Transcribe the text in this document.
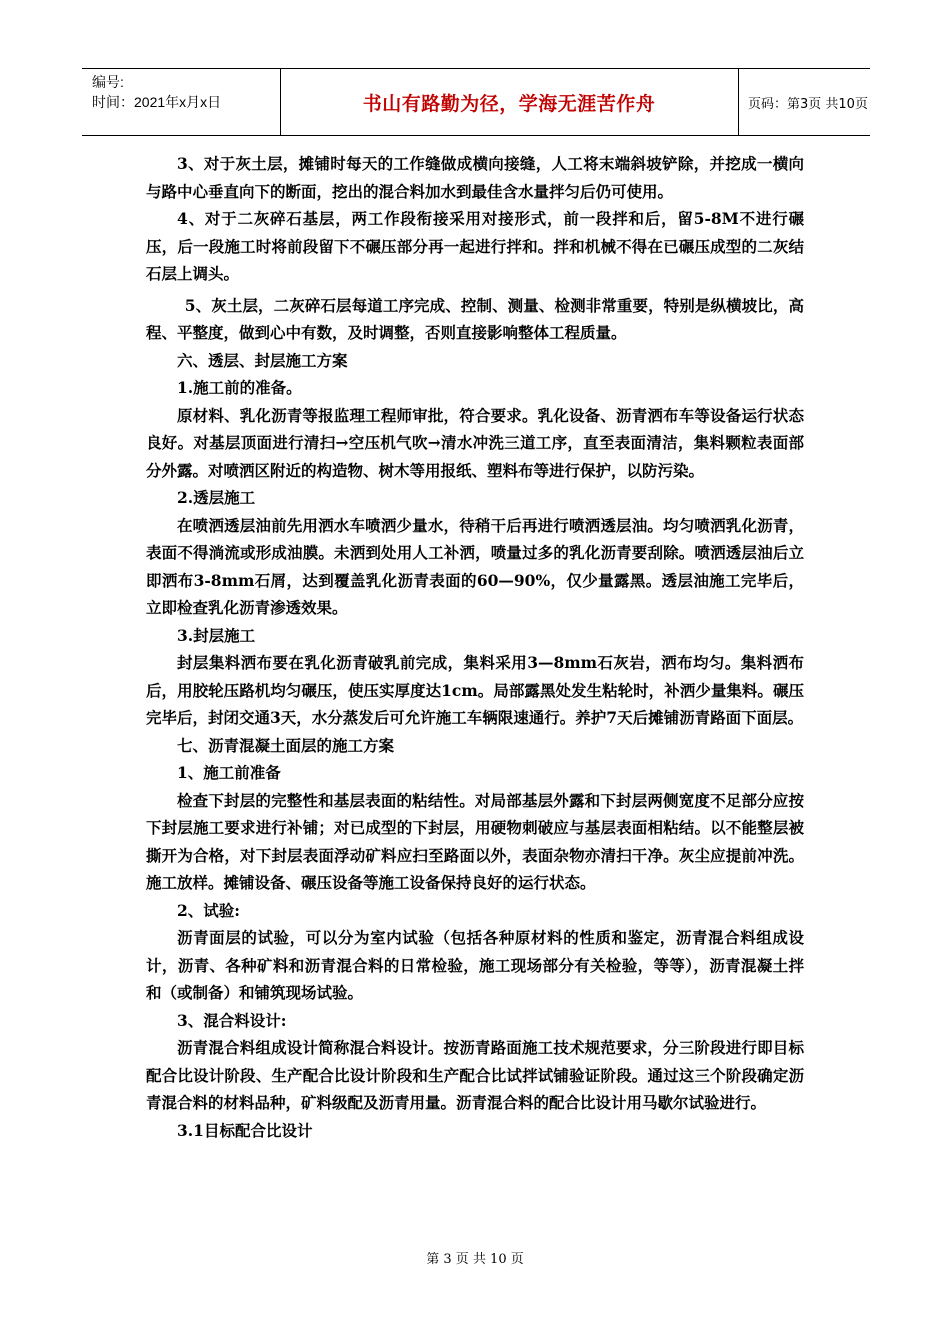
编号:
时间：2021年x月x日	书山有路勤为径，学海无涯苦作舟	页码：第3页 共10页

3、对于灰土层，摊铺时每天的工作缝做成横向接缝，人工将末端斜坡铲除，并挖成一横向与路中心垂直向下的断面，挖出的混合料加水到最佳含水量拌匀后仍可使用。

4、对于二灰碎石基层，两工作段衔接采用对接形式，前一段拌和后，留5-8M不进行碾压，后一段施工时将前段留下不碾压部分再一起进行拌和。拌和机械不得在已碾压成型的二灰结石层上调头。

5、灰土层，二灰碎石层每道工序完成、控制、测量、检测非常重要，特别是纵横坡比，高程、平整度，做到心中有数，及时调整，否则直接影响整体工程质量。

六、透层、封层施工方案

1.施工前的准备。

原材料、乳化沥青等报监理工程师审批，符合要求。乳化设备、沥青洒布车等设备运行状态良好。对基层顶面进行清扫→空压机气吹→清水冲洗三道工序，直至表面清洁，集料颗粒表面部分外露。对喷洒区附近的构造物、树木等用报纸、塑料布等进行保护，以防污染。

2.透层施工

在喷洒透层油前先用洒水车喷洒少量水，待稍干后再进行喷洒透层油。均匀喷洒乳化沥青，表面不得淌流或形成油膜。未洒到处用人工补洒，喷量过多的乳化沥青要刮除。喷洒透层油后立即洒布3-8mm石屑，达到覆盖乳化沥青表面的60—90%，仅少量露黑。透层油施工完毕后，立即检查乳化沥青渗透效果。

3.封层施工

封层集料洒布要在乳化沥青破乳前完成，集料采用3—8mm石灰岩，洒布均匀。集料洒布后，用胶轮压路机均匀碾压，使压实厚度达1cm。局部露黑处发生粘轮时，补洒少量集料。碾压完毕后，封闭交通3天，水分蒸发后可允许施工车辆限速通行。养护7天后摊铺沥青路面下面层。

七、沥青混凝土面层的施工方案

1、施工前准备

检查下封层的完整性和基层表面的粘结性。对局部基层外露和下封层两侧宽度不足部分应按下封层施工要求进行补铺；对已成型的下封层，用硬物刺破应与基层表面相粘结。以不能整层被撕开为合格，对下封层表面浮动矿料应扫至路面以外，表面杂物亦清扫干净。灰尘应提前冲洗。施工放样。摊铺设备、碾压设备等施工设备保持良好的运行状态。

2、试验:

沥青面层的试验，可以分为室内试验（包括各种原材料的性质和鉴定，沥青混合料组成设计，沥青、各种矿料和沥青混合料的日常检验，施工现场部分有关检验，等等），沥青混凝土拌和（或制备）和铺筑现场试验。

3、混合料设计:

沥青混合料组成设计简称混合料设计。按沥青路面施工技术规范要求，分三阶段进行即目标配合比设计阶段、生产配合比设计阶段和生产配合比试拌试铺验证阶段。通过这三个阶段确定沥青混合料的材料品种，矿料级配及沥青用量。沥青混合料的配合比设计用马歇尔试验进行。

3.1目标配合比设计

第 3 页 共 10 页
